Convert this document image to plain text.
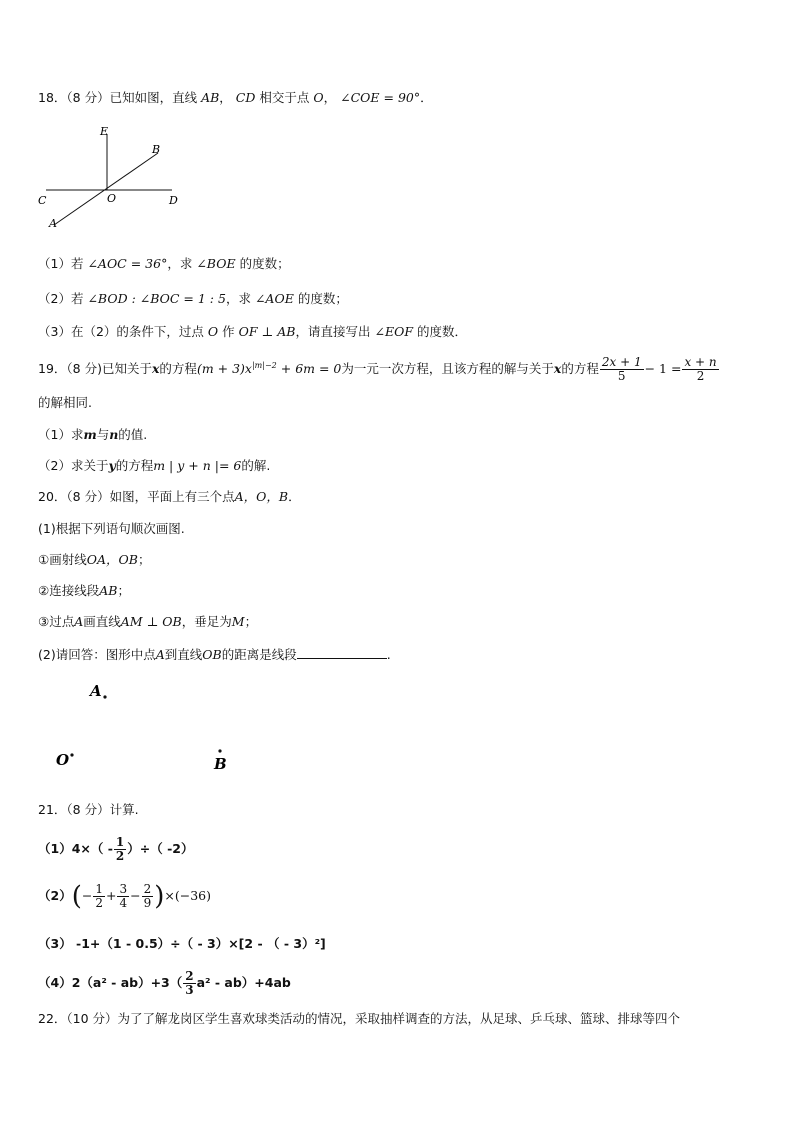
18．（8 分）已知如图，直线 AB， CD 相交于点 O， ∠COE = 90°．
E
B
C	O	D
A
（1）若 ∠AOC = 36°，求 ∠BOE 的度数；
（2）若 ∠BOD : ∠BOC = 1 : 5，求 ∠AOE 的度数；
（3）在（2）的条件下，过点 O 作 OF ⊥ AB，请直接写出 ∠EOF 的度数．
19．（8 分)已知关于x的方程$(m + 3)x^{|m|-2} + 6m = 0$为一元一次方程，且该方程的解与关于x的方程 $\frac{2x + 1}{5} - 1 = \frac{x + n}{2}$
的解相同.
（1）求m与n的值.
（2）求关于y的方程m | y + n |= 6的解.
20．（8 分）如图，平面上有三个点A，O，B．
(1)根据下列语句顺次画图.
①画射线OA，OB；
②连接线段AB；
③过点A画直线AM ⊥ OB，垂足为M；
(2)请回答：图形中点A到直线OB的距离是线段	.
A
O	B
21．（8 分）计算.
$(1)4\times( - \frac{1}{2}$ ）÷（ -2）
$(2)(- \frac{1}{2} + \frac{3}{4} - \frac{2}{9} )\times(-36)$
（3） -1+（1 - 0.5）÷（ - 3）×[2 - （ - 3）²]
$(4)2(a^2 - ab)+3( \frac{2}{3} a^2 - ab)+4ab$
22．（10 分）为了了解龙岗区学生喜欢球类活动的情况，采取抽样调查的方法，从足球、乒乓球、篮球、排球等四个
